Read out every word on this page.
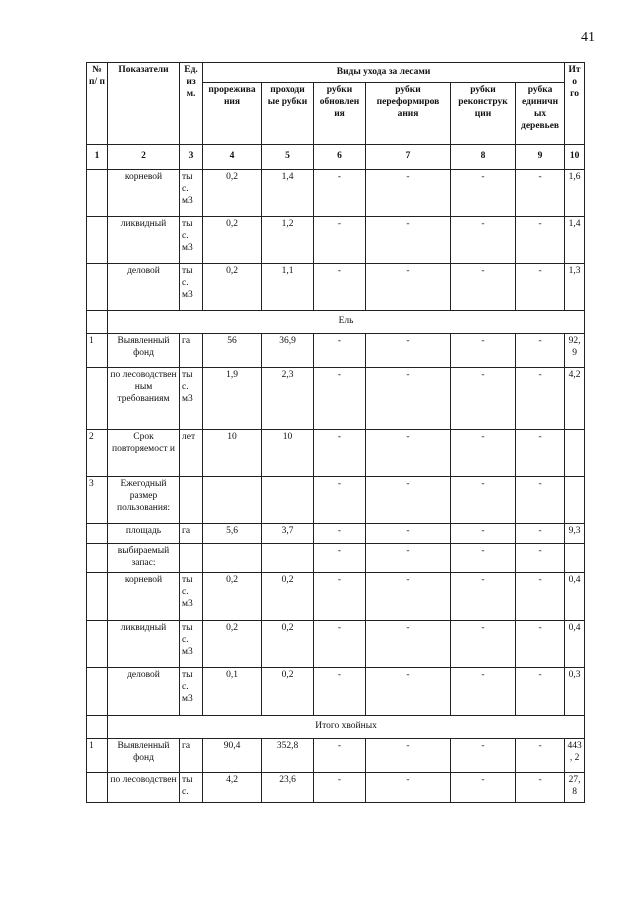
41
№ п/ п	Показатели	Ед. из м.	Виды ухода за лесами						Ито го
			прорежива ния	проходи ые рубки	рубки обновлен ия	рубки переформиров ания	рубки реконструк ции	рубка единичн ых деревьев	
1	2	3	4	5	6	7	8	9	10
	корневой	ты с. м3	0,2	1,4	-	-	-	-	1,6
	ликвидный	ты с. м3	0,2	1,2	-	-	-	-	1,4
	деловой	ты с. м3	0,2	1,1	-	-	-	-	1,3
	Ель								
1	Выявленный фонд	га	56	36,9	-	-	-	-	92,9
	по лесоводствен ным требованиям	ты с. м3	1,9	2,3	-	-	-	-	4,2
2	Срок повторяемост и	лет	10	10	-	-	-	-	
3	Ежегодный размер пользования:				-	-	-	-	
	площадь	га	5,6	3,7	-	-	-	-	9,3
	выбираемый запас:				-	-	-	-	
	корневой	ты с. м3	0,2	0,2	-	-	-	-	0,4
	ликвидный	ты с. м3	0,2	0,2	-	-	-	-	0,4
	деловой	ты с. м3	0,1	0,2	-	-	-	-	0,3
	Итого хвойных								
1	Выявленный фонд	га	90,4	352,8	-	-	-	-	443, 2
	по лесоводствен	ты с.	4,2	23,6	-	-	-	-	27,8
